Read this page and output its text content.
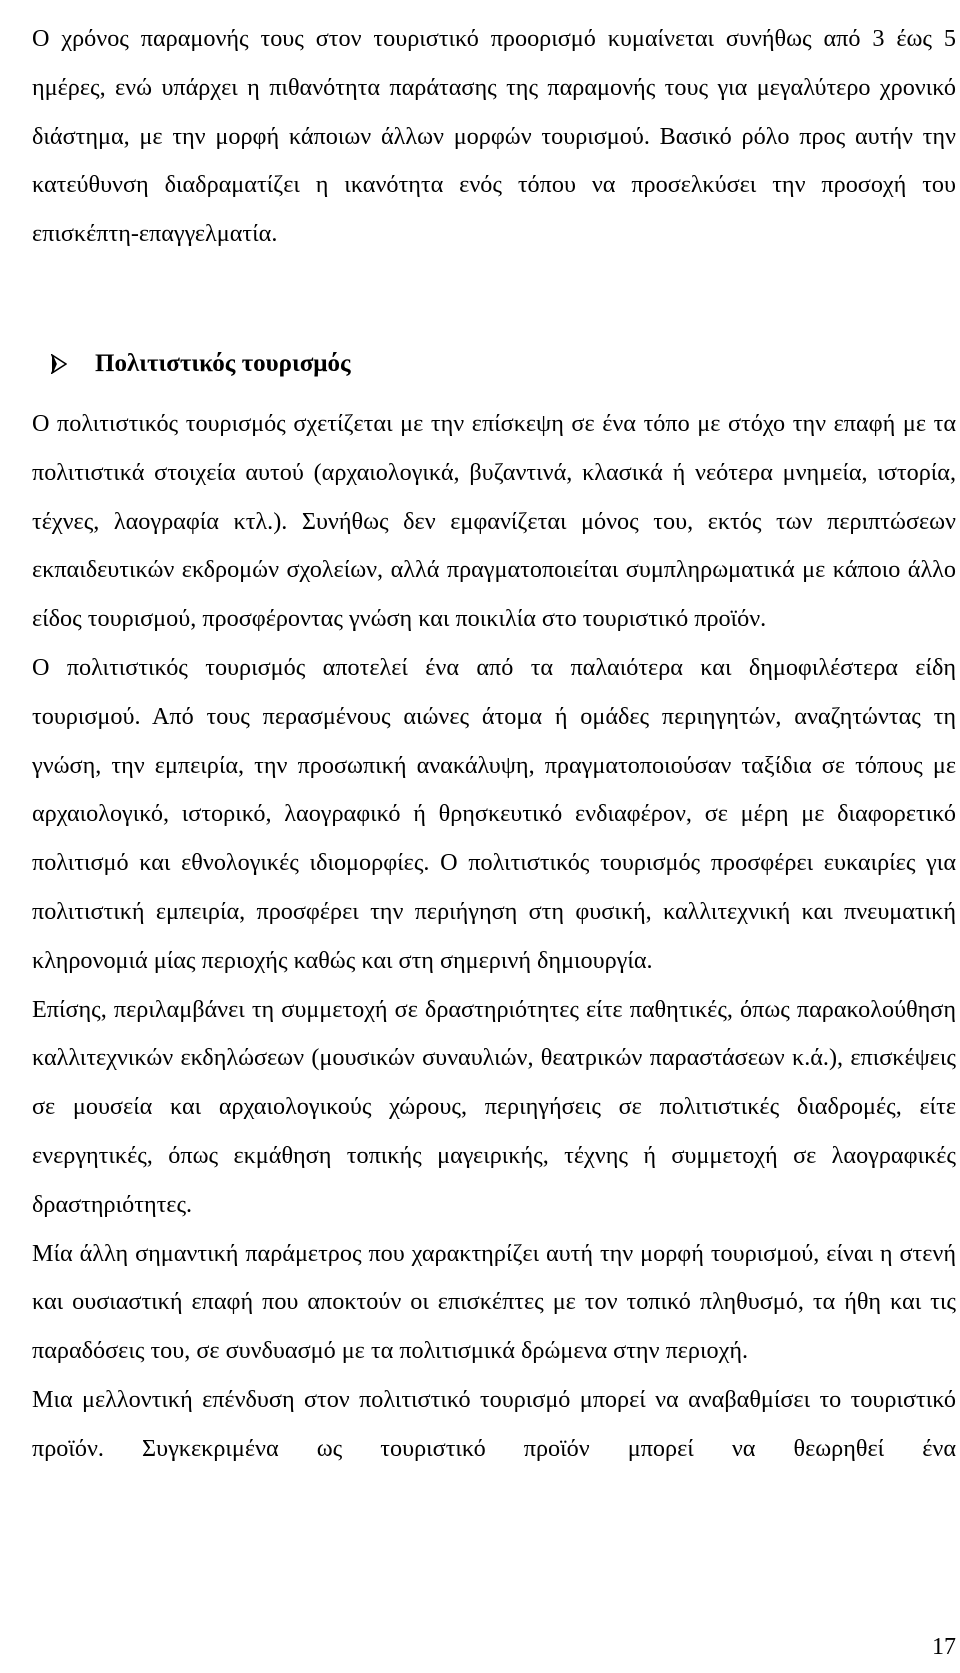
Ο χρόνος παραμονής τους στον τουριστικό προορισμό κυμαίνεται συνήθως από 3 έως 5 ημέρες, ενώ υπάρχει η πιθανότητα παράτασης της παραμονής τους για μεγαλύτερο χρονικό διάστημα, με την μορφή κάποιων άλλων μορφών τουρισμού. Βασικό ρόλο προς αυτήν την κατεύθυνση διαδραματίζει η ικανότητα ενός τόπου να προσελκύσει την προσοχή του επισκέπτη-επαγγελματία.

Πολιτιστικός τουρισμός

Ο πολιτιστικός τουρισμός σχετίζεται με την επίσκεψη σε ένα τόπο με στόχο την επαφή με τα πολιτιστικά στοιχεία αυτού (αρχαιολογικά, βυζαντινά, κλασικά ή νεότερα μνημεία, ιστορία, τέχνες, λαογραφία κτλ.). Συνήθως δεν εμφανίζεται μόνος του, εκτός των περιπτώσεων εκπαιδευτικών εκδρομών σχολείων, αλλά πραγματοποιείται συμπληρωματικά με κάποιο άλλο είδος τουρισμού, προσφέροντας γνώση και ποικιλία στο τουριστικό προϊόν.

Ο πολιτιστικός τουρισμός αποτελεί ένα από τα παλαιότερα και δημοφιλέστερα είδη τουρισμού. Από τους περασμένους αιώνες άτομα ή ομάδες περιηγητών, αναζητώντας τη γνώση, την εμπειρία, την προσωπική ανακάλυψη, πραγματοποιούσαν ταξίδια σε τόπους με αρχαιολογικό, ιστορικό, λαογραφικό ή θρησκευτικό ενδιαφέρον, σε μέρη με διαφορετικό πολιτισμό και εθνολογικές ιδιομορφίες. Ο πολιτιστικός τουρισμός προσφέρει ευκαιρίες για πολιτιστική εμπειρία, προσφέρει την περιήγηση στη φυσική, καλλιτεχνική και πνευματική κληρονομιά μίας περιοχής καθώς και στη σημερινή δημιουργία.

Επίσης, περιλαμβάνει τη συμμετοχή σε δραστηριότητες είτε παθητικές, όπως παρακολούθηση καλλιτεχνικών εκδηλώσεων (μουσικών συναυλιών, θεατρικών παραστάσεων κ.ά.), επισκέψεις σε μουσεία και αρχαιολογικούς χώρους, περιηγήσεις σε πολιτιστικές διαδρομές, είτε ενεργητικές, όπως εκμάθηση τοπικής μαγειρικής, τέχνης ή συμμετοχή σε λαογραφικές δραστηριότητες.

Μία άλλη σημαντική παράμετρος που χαρακτηρίζει αυτή την μορφή τουρισμού, είναι η στενή και ουσιαστική επαφή που αποκτούν οι επισκέπτες με τον τοπικό πληθυσμό, τα ήθη και τις παραδόσεις του, σε συνδυασμό με τα πολιτισμικά δρώμενα στην περιοχή.

Μια μελλοντική επένδυση στον πολιτιστικό τουρισμό μπορεί να αναβαθμίσει το τουριστικό προϊόν. Συγκεκριμένα ως τουριστικό προϊόν μπορεί να θεωρηθεί ένα

17
